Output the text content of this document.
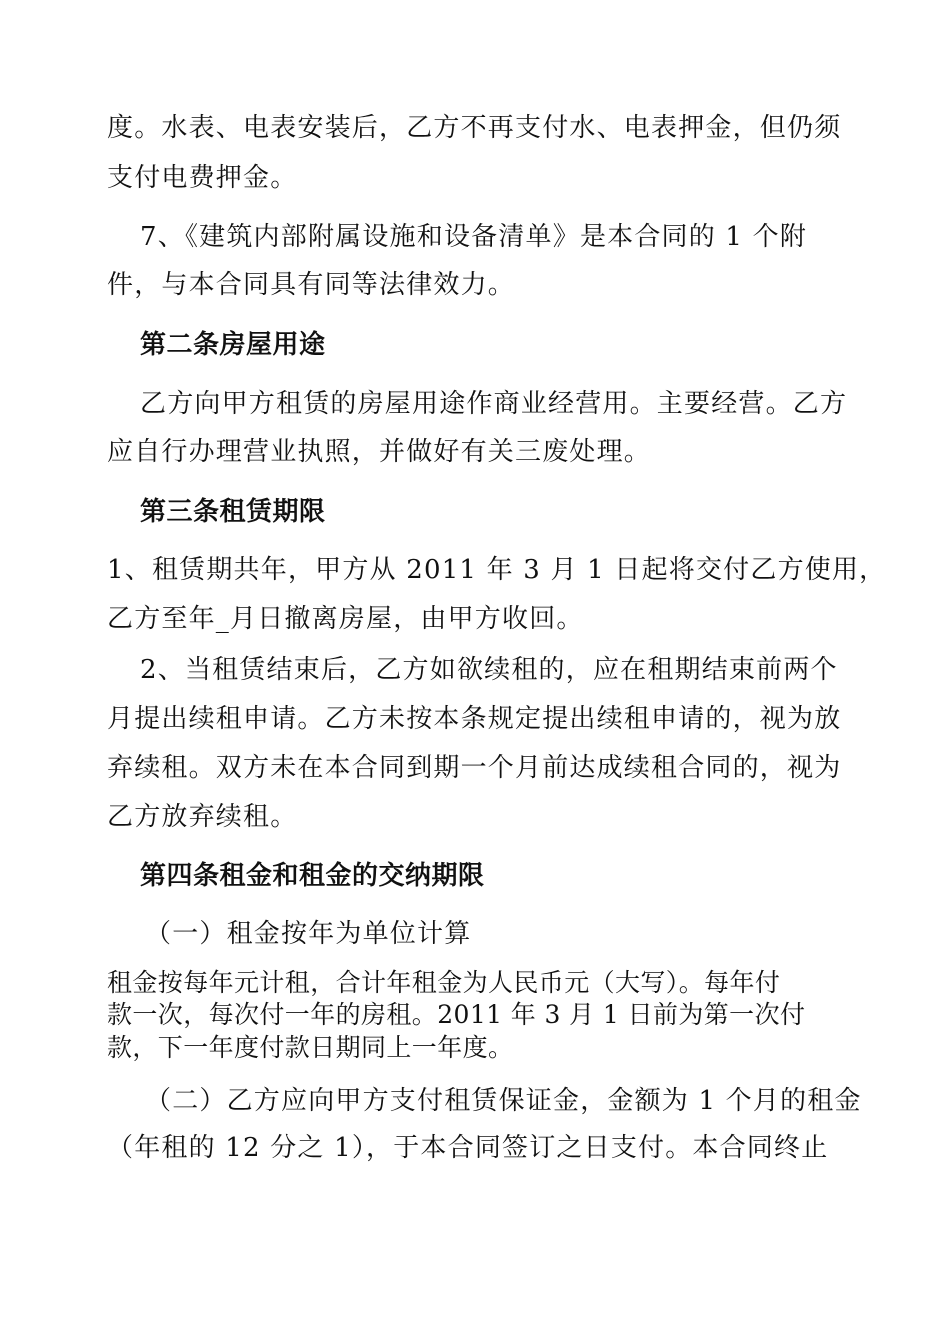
度。水表、电表安装后，乙方不再支付水、电表押金，但仍须
支付电费押金。
7、《建筑内部附属设施和设备清单》是本合同的 1 个附
件，与本合同具有同等法律效力。
第二条房屋用途
乙方向甲方租赁的房屋用途作商业经营用。主要经营。乙方
应自行办理营业执照，并做好有关三废处理。
第三条租赁期限
1、租赁期共年，甲方从 2011 年 3 月 1 日起将交付乙方使用，
乙方至年_月日撤离房屋，由甲方收回。
2、当租赁结束后，乙方如欲续租的，应在租期结束前两个
月提出续租申请。乙方未按本条规定提出续租申请的，视为放
弃续租。双方未在本合同到期一个月前达成续租合同的，视为
乙方放弃续租。
第四条租金和租金的交纳期限
（一）租金按年为单位计算
租金按每年元计租，合计年租金为人民币元（大写）。每年付
款一次，每次付一年的房租。2011 年 3 月 1 日前为第一次付
款，下一年度付款日期同上一年度。
（二）乙方应向甲方支付租赁保证金，金额为 1 个月的租金
（年租的 12 分之 1），于本合同签订之日支付。本合同终止
